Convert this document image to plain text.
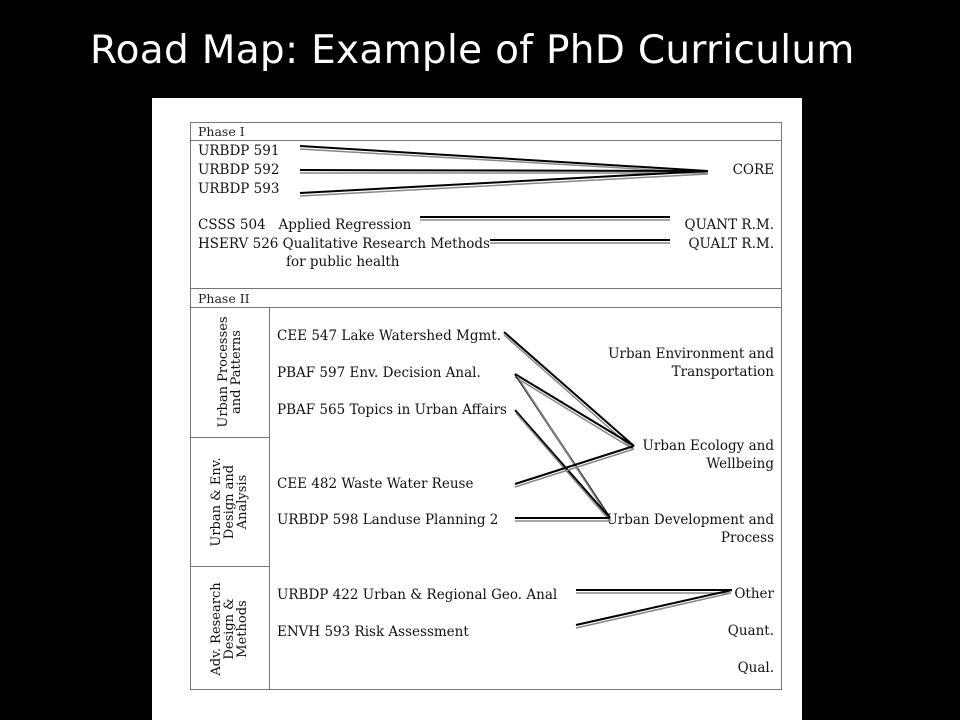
Road Map: Example of PhD Curriculum
Phase I
Phase II
URBDP 591
URBDP 592
URBDP 593
CSSS 504   Applied Regression
HSERV 526 Qualitative Research Methods
for public health
CORE
QUANT R.M.
QUALT R.M.
Urban Processes
and Patterns
Urban & Env.
Design and
Analysis
Adv. Research
Design &
Methods
CEE 547 Lake Watershed Mgmt.
PBAF 597 Env. Decision Anal.
PBAF 565 Topics in Urban Affairs
CEE 482 Waste Water Reuse
URBDP 598 Landuse Planning 2
URBDP 422 Urban & Regional Geo. Anal
ENVH 593 Risk Assessment
Urban Environment and
Transportation
Urban Ecology and
Wellbeing
Urban Development and
Process
Other
Quant.
Qual.
